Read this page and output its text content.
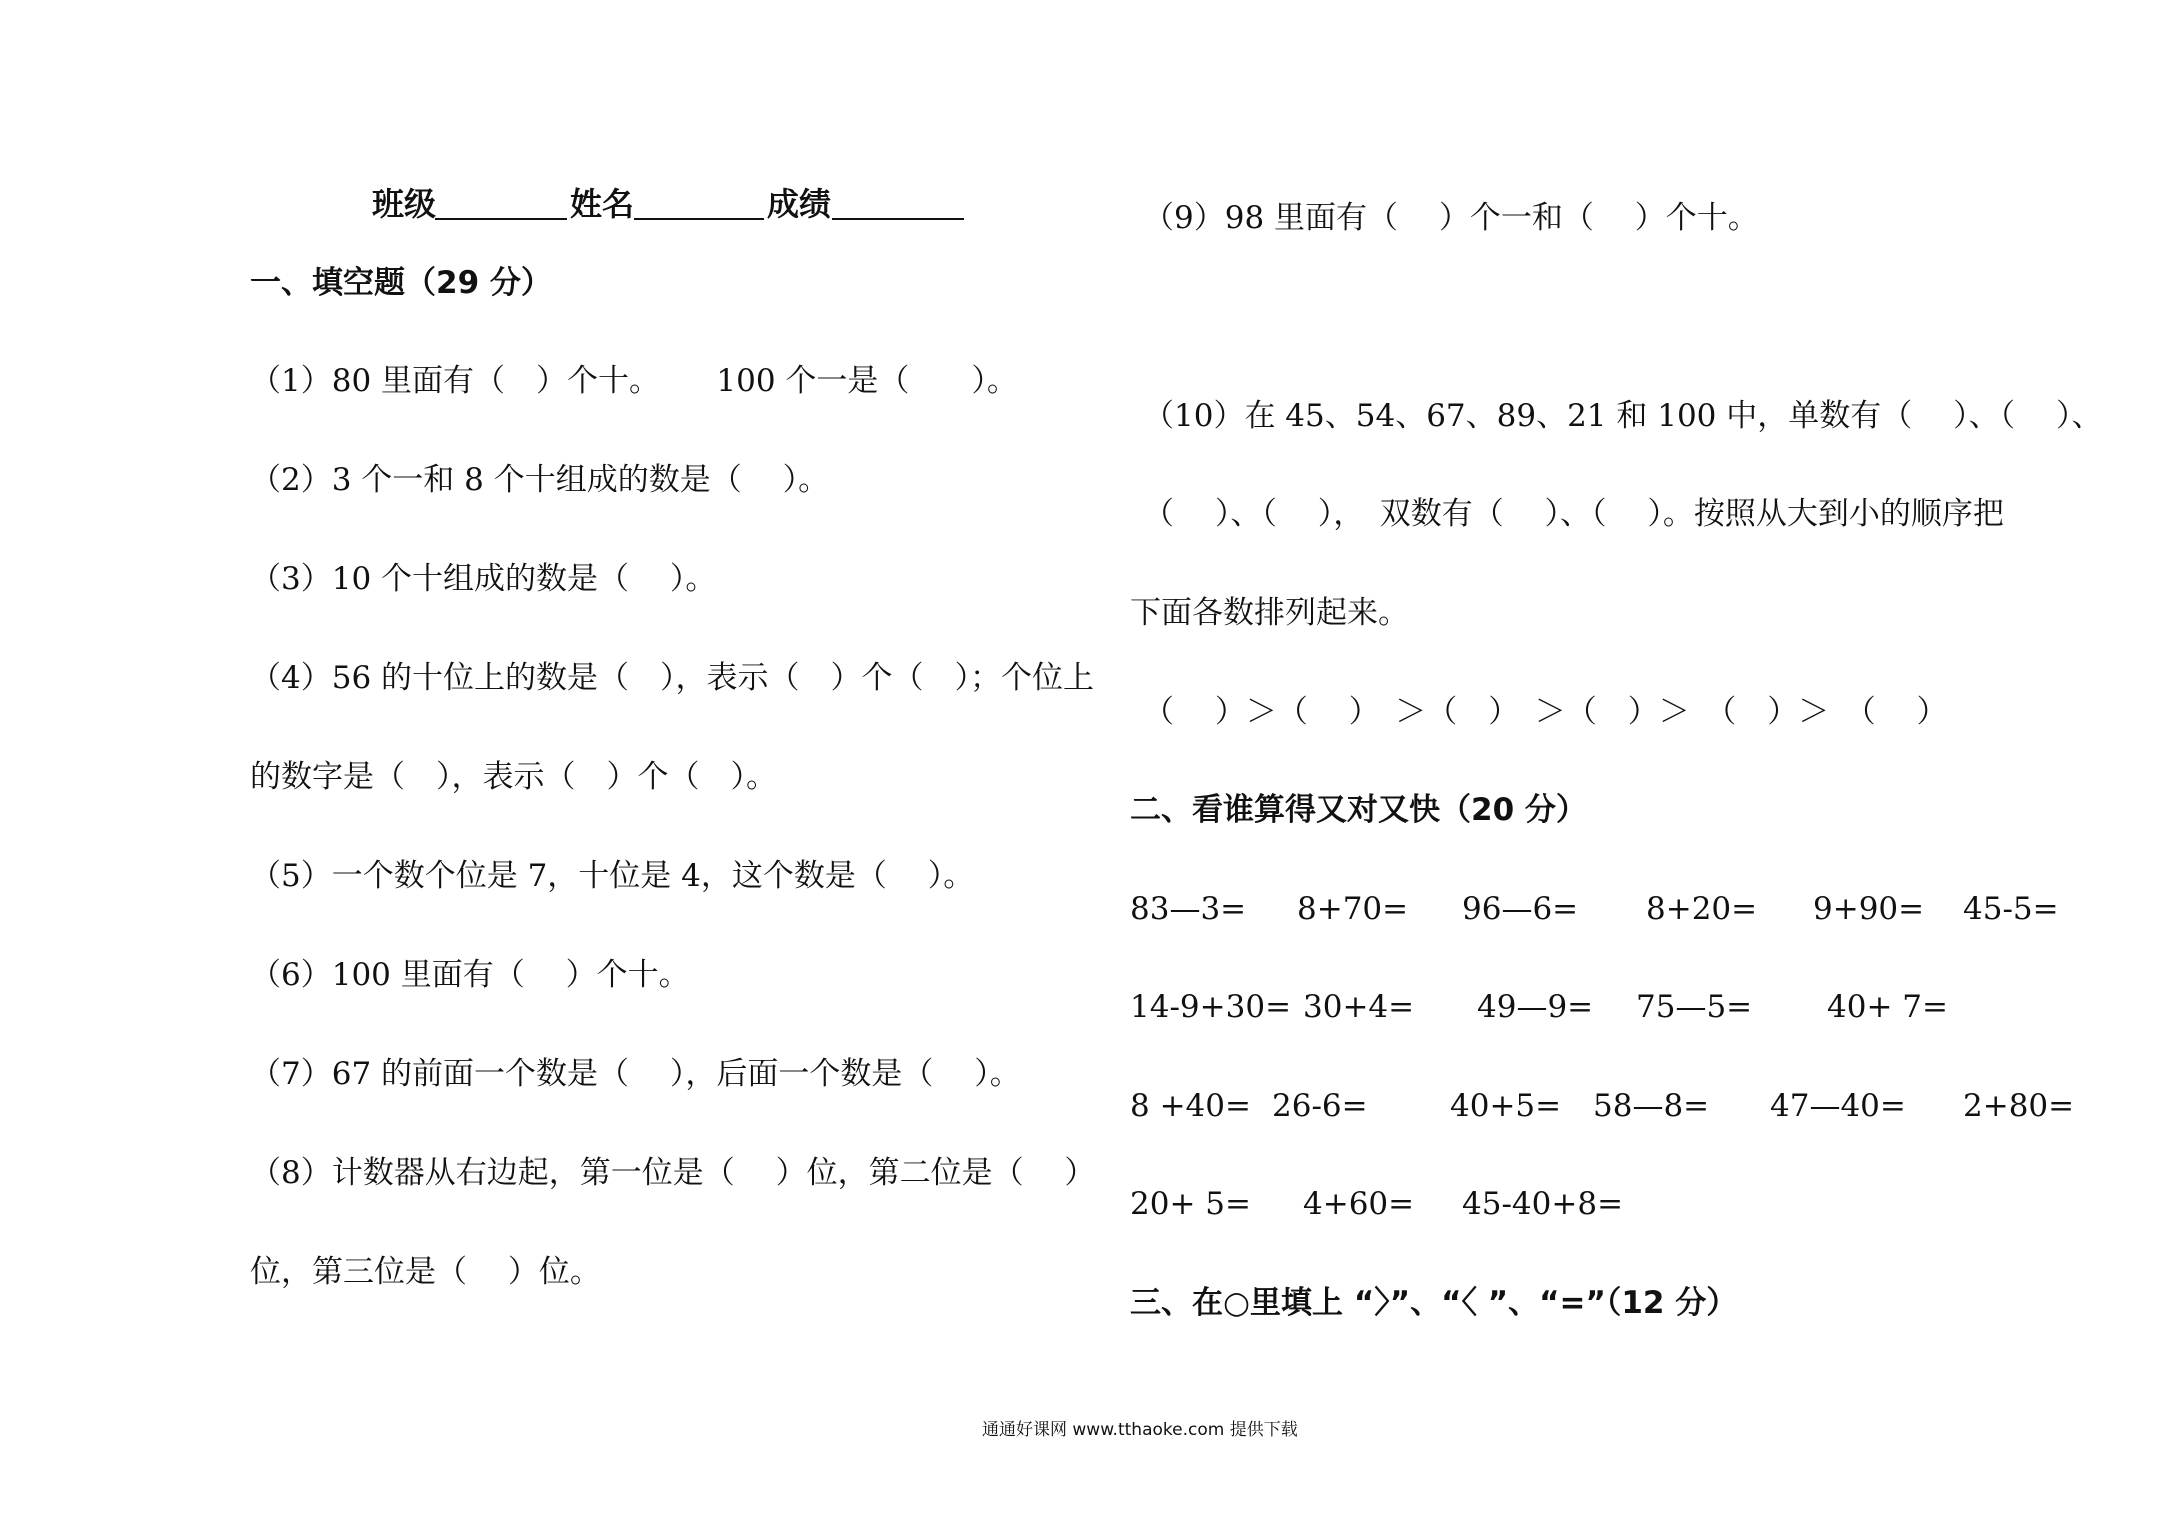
班级	姓名	成绩
一、填空题（29 分）
（1）80 里面有（　）个十。　　 100 个一是（　　）。
（2）3 个一和 8 个十组成的数是（　 ）。
（3）10 个十组成的数是（　 ）。
（4）56 的十位上的数是（　），表示（　）个（　）；个位上
的数字是（　），表示（　）个（　）。
（5）一个数个位是 7，十位是 4，这个数是（　 ）。
（6）100 里面有（　 ）个十。
（7）67 的前面一个数是（　 ），后面一个数是（　 ）。
（8）计数器从右边起，第一位是（　 ）位，第二位是（　 ）
位，第三位是（　 ）位。
（9）98 里面有（　 ）个一和（　 ）个十。
（10）在 45、54、67、89、21 和 100 中，单数有（　 ）、（　 ）、
（　 ）、（　 ），　双数有（　 ）、（　 ）。按照从大到小的顺序把
下面各数排列起来。
（　 ）＞（　 ）　＞（　）　＞（　）＞　（　）＞　（　 ）
二、看谁算得又对又快（20 分）
83—3= 8+70= 96—6= 8+20= 9+90= 45-5=
14-9+30= 30+4= 49—9= 75—5= 40+ 7=
8 +40= 26-6=	40+5= 58—8= 47—40= 2+80=
20+ 5= 4+60= 45-40+8=
三、在○里填上 “〉”、“〈 ”、“=”（12 分）
通通好课网 www.tthaoke.com 提供下载
